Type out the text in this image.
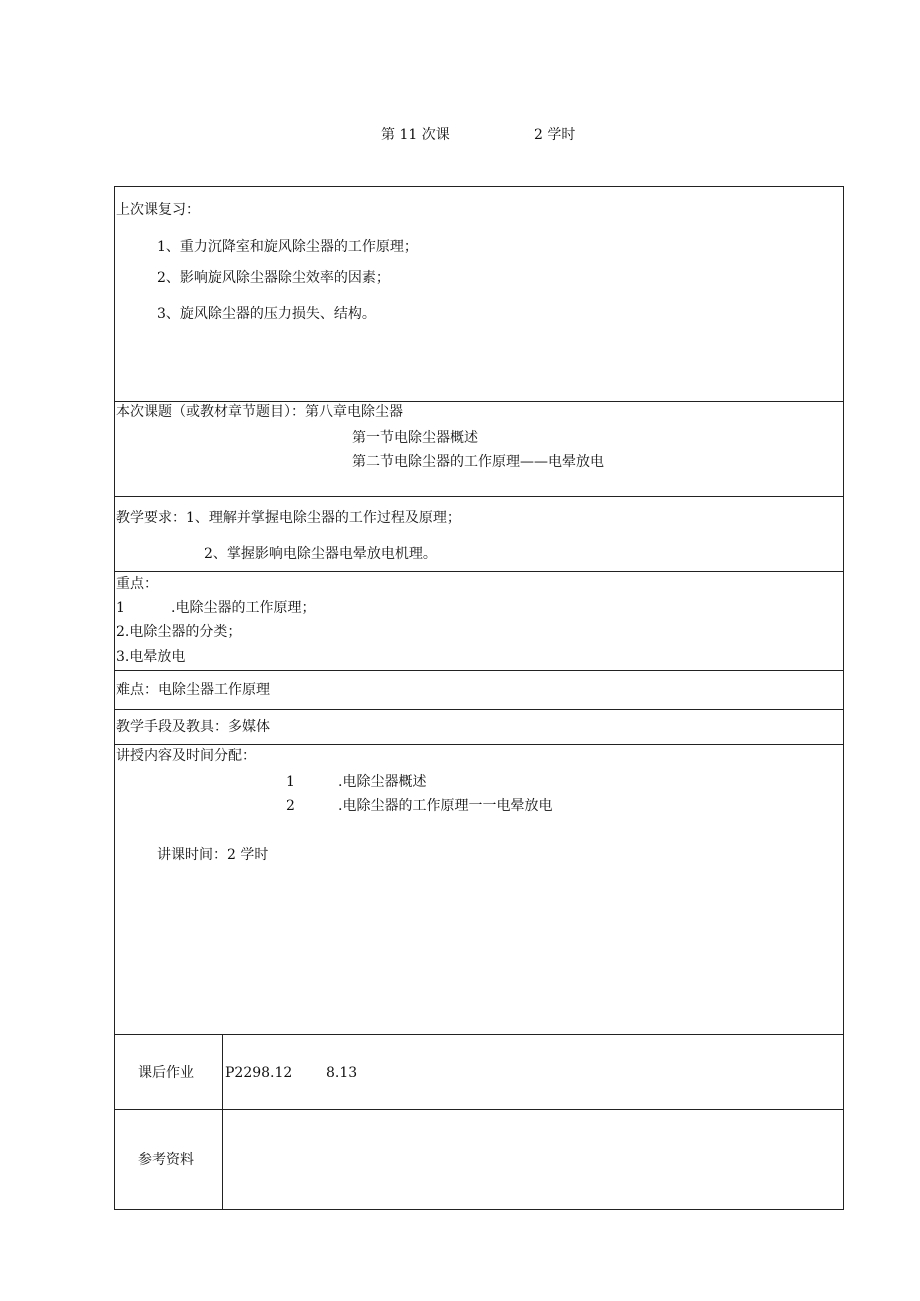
第 11 次课	2 学时
上次课复习：
1、重力沉降室和旋风除尘器的工作原理；
2、影响旋风除尘器除尘效率的因素；
3、旋风除尘器的压力损失、结构。
本次课题（或教材章节题目）：第八章电除尘器
第一节电除尘器概述
第二节电除尘器的工作原理——电晕放电
教学要求：1、理解并掌握电除尘器的工作过程及原理；
2、掌握影响电除尘器电晕放电机理。
重点：
1	.电除尘器的工作原理；
2.电除尘器的分类；
3.电晕放电
难点：电除尘器工作原理
教学手段及教具：多媒体
讲授内容及时间分配：
1	.电除尘器概述
2	.电除尘器的工作原理一一电晕放电
讲课时间：2 学时
课后作业 P2298.12 8.13
参考资料
